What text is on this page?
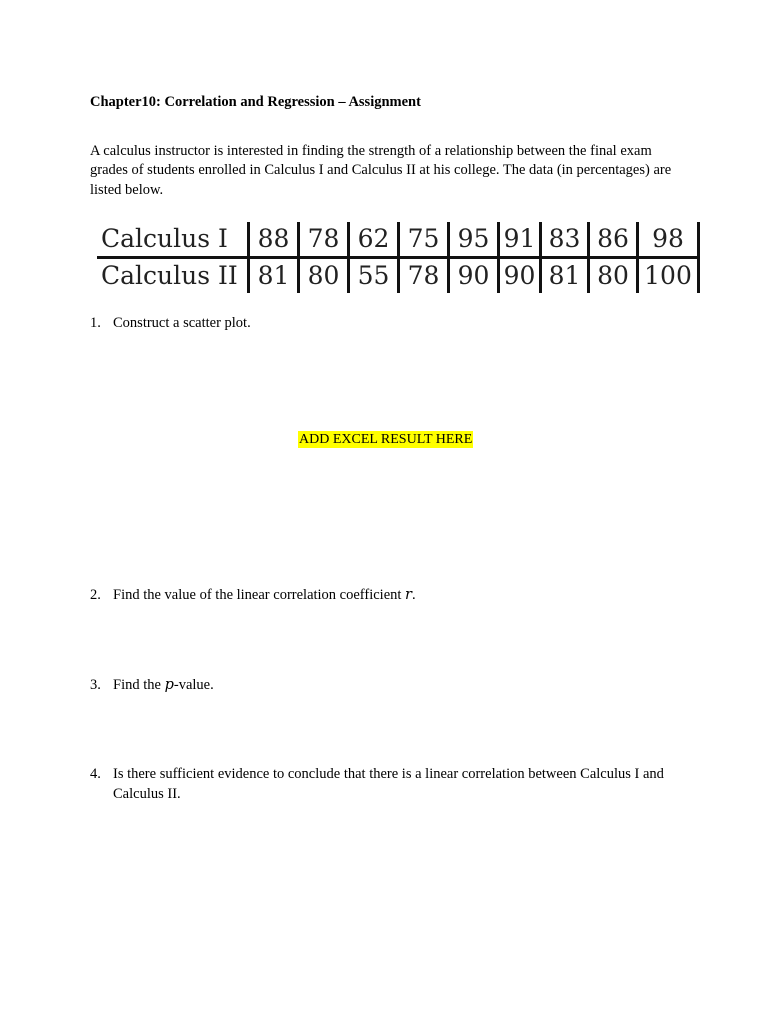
Chapter10: Correlation and Regression – Assignment
A calculus instructor is interested in finding the strength of a relationship between the final exam grades of students enrolled in Calculus I and Calculus II at his college. The data (in percentages) are listed below.
Calculus I	88	78	62	75	95	91	83	86	98
Calculus II	81	80	55	78	90	90	81	80	100
1. Construct a scatter plot.
ADD EXCEL RESULT HERE
2. Find the value of the linear correlation coefficient r.
3. Find the p-value.
4. Is there sufficient evidence to conclude that there is a linear correlation between Calculus I and Calculus II.
